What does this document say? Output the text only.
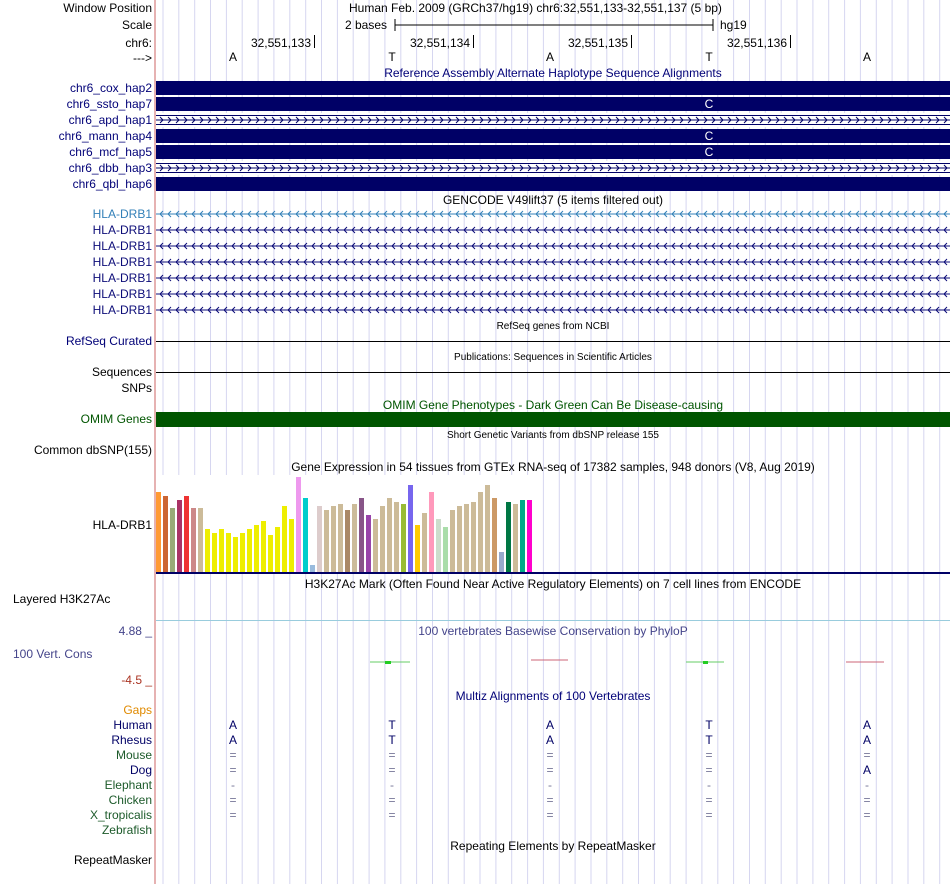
Window Position	Human Feb. 2009 (GRCh37/hg19) chr6:32,551,133-32,551,137 (5 bp)
Scale	2 bases	hg19
chr6:	32,551,133	32,551,134	32,551,135	32,551,136
--->	A	T	A	T	A
Reference Assembly Alternate Haplotype Sequence Alignments
chr6_cox_hap2
chr6_ssto_hap7	C
chr6_apd_hap1
chr6_mann_hap4	C
chr6_mcf_hap5	C
chr6_dbb_hap3
chr6_qbl_hap6
GENCODE V49lift37 (5 items filtered out)
HLA-DRB1
HLA-DRB1
HLA-DRB1
HLA-DRB1
HLA-DRB1
HLA-DRB1
HLA-DRB1
RefSeq genes from NCBI
RefSeq Curated
Publications: Sequences in Scientific Articles
Sequences
SNPs
OMIM Gene Phenotypes - Dark Green Can Be Disease-causing
OMIM Genes
Short Genetic Variants from dbSNP release 155
Common dbSNP(155)
Gene Expression in 54 tissues from GTEx RNA-seq of 17382 samples, 948 donors (V8, Aug 2019)
HLA-DRB1
H3K27Ac Mark (Often Found Near Active Regulatory Elements) on 7 cell lines from ENCODE
Layered H3K27Ac
100 vertebrates Basewise Conservation by PhyloP
4.88 _
100 Vert. Cons
-4.5 _
Multiz Alignments of 100 Vertebrates
Gaps
Human	A	T	A	T	A
Rhesus	A	T	A	T	A
Mouse	=	=	=	=	=
Dog	=	=	=	=	A
Elephant	-	-	-	-	-
Chicken	=	=	=	=	=
X_tropicalis	=	=	=	=	=
Zebrafish
Repeating Elements by RepeatMasker
RepeatMasker
